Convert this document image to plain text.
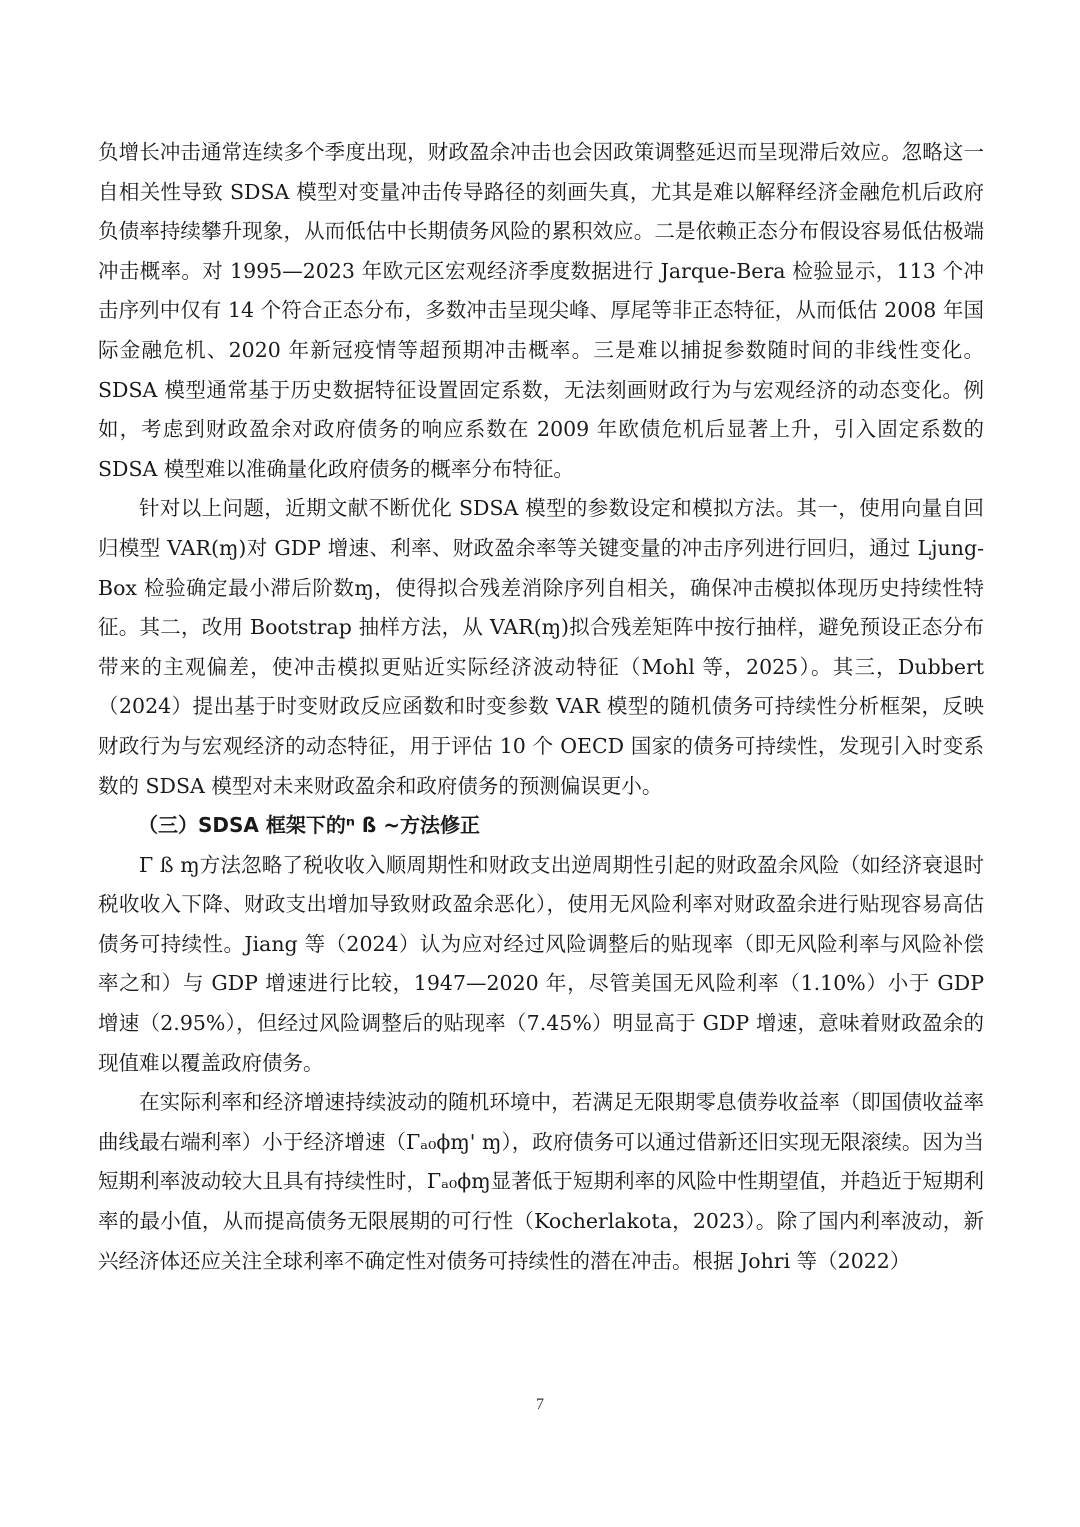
负增长冲击通常连续多个季度出现，财政盈余冲击也会因政策调整延迟而呈现滞后效应。忽略这一自相关性导致 SDSA 模型对变量冲击传导路径的刻画失真，尤其是难以解释经济金融危机后政府负债率持续攀升现象，从而低估中长期债务风险的累积效应。二是依赖正态分布假设容易低估极端冲击概率。对 1995—2023 年欧元区宏观经济季度数据进行 Jarque-Bera 检验显示，113 个冲击序列中仅有 14 个符合正态分布，多数冲击呈现尖峰、厚尾等非正态特征，从而低估 2008 年国际金融危机、2020 年新冠疫情等超预期冲击概率。三是难以捕捉参数随时间的非线性变化。SDSA 模型通常基于历史数据特征设置固定系数，无法刻画财政行为与宏观经济的动态变化。例如，考虑到财政盈余对政府债务的响应系数在 2009 年欧债危机后显著上升，引入固定系数的 SDSA 模型难以准确量化政府债务的概率分布特征。

针对以上问题，近期文献不断优化 SDSA 模型的参数设定和模拟方法。其一，使用向量自回归模型 VAR(ɱ)对 GDP 增速、利率、财政盈余率等关键变量的冲击序列进行回归，通过 Ljung-Box 检验确定最小滞后阶数ɱ，使得拟合残差消除序列自相关，确保冲击模拟体现历史持续性特征。其二，改用 Bootstrap 抽样方法，从 VAR(ɱ)拟合残差矩阵中按行抽样，避免预设正态分布带来的主观偏差，使冲击模拟更贴近实际经济波动特征（Mohl 等，2025）。其三，Dubbert（2024）提出基于时变财政反应函数和时变参数 VAR 模型的随机债务可持续性分析框架，反映财政行为与宏观经济的动态特征，用于评估 10 个 OECD 国家的债务可持续性，发现引入时变系数的 SDSA 模型对未来财政盈余和政府债务的预测偏误更小。

（三）SDSA 框架下的ⁿ ß ~方法修正

Γ ß ɱ方法忽略了税收收入顺周期性和财政支出逆周期性引起的财政盈余风险（如经济衰退时税收收入下降、财政支出增加导致财政盈余恶化），使用无风险利率对财政盈余进行贴现容易高估债务可持续性。Jiang 等（2024）认为应对经过风险调整后的贴现率（即无风险利率与风险补偿率之和）与 GDP 增速进行比较，1947—2020 年，尽管美国无风险利率（1.10%）小于 GDP 增速（2.95%），但经过风险调整后的贴现率（7.45%）明显高于 GDP 增速，意味着财政盈余的现值难以覆盖政府债务。

在实际利率和经济增速持续波动的随机环境中，若满足无限期零息债券收益率（即国债收益率曲线最右端利率）小于经济增速（Γₐ₀ϕɱ' ɱ），政府债务可以通过借新还旧实现无限滚续。因为当短期利率波动较大且具有持续性时，Γₐ₀ϕɱ显著低于短期利率的风险中性期望值，并趋近于短期利率的最小值，从而提高债务无限展期的可行性（Kocherlakota，2023）。除了国内利率波动，新兴经济体还应关注全球利率不确定性对债务可持续性的潜在冲击。根据 Johri 等（2022）

7
